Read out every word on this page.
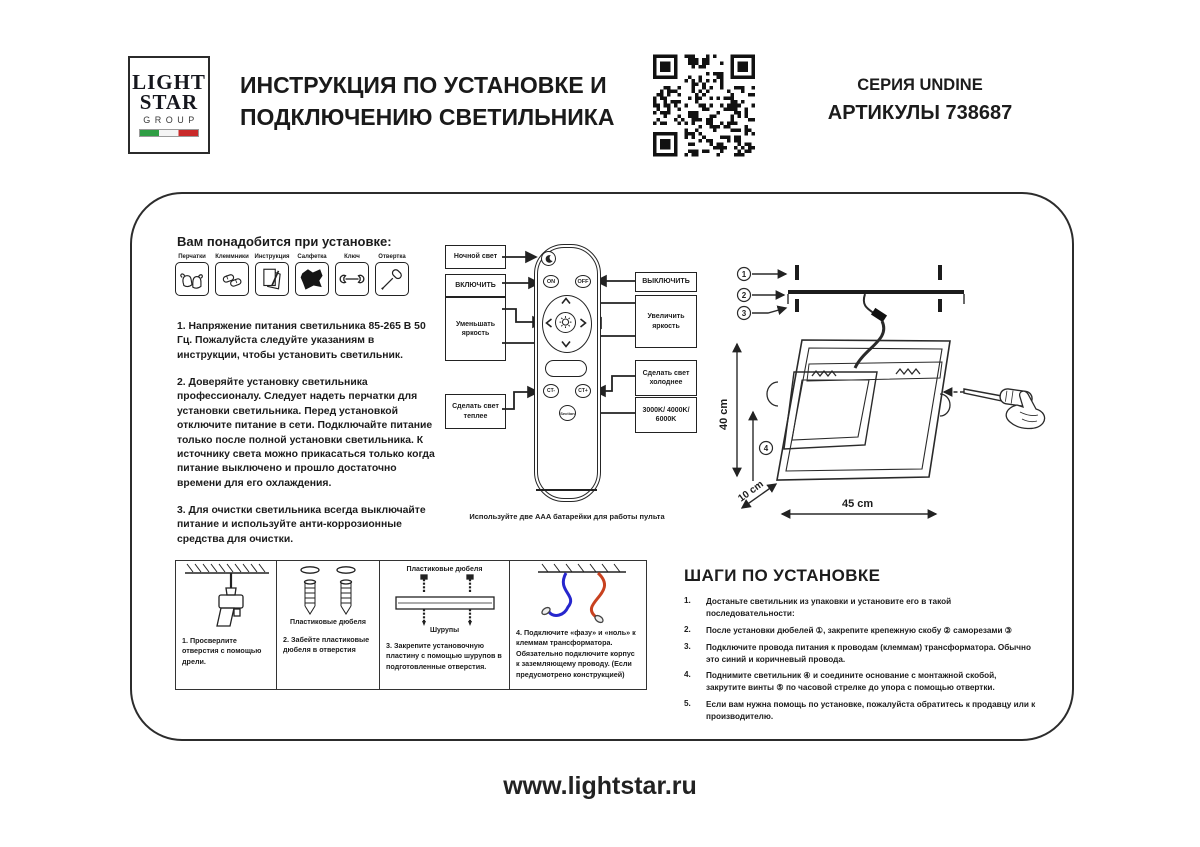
LIGHT
STAR
GROUP
ИНСТРУКЦИЯ ПО УСТАНОВКЕ И
ПОДКЛЮЧЕНИЮ СВЕТИЛЬНИКА
СЕРИЯ UNDINE
АРТИКУЛЫ 738687
Вам понадобится при установке:
Перчатки Клеммники Инструкция Салфетка	Ключ	Отвертка

1. Напряжение питания светильника 85-265 В 50 Гц. Пожалуйста следуйте указаниям в инструкции, чтобы установить светильник.

2. Доверяйте установку светильника профессионалу. Следует надеть перчатки для установки светильника. Перед установкой отключите питание в сети. Подключайте питание только после полной установки светильника. К источнику света можно прикасаться только когда питание выключено и прошло достаточно времени для его охлаждения.

3. Для очистки светильника всегда выключайте питание и используйте анти-коррозионные средства для очистки.

Ночной свет
ВКЛЮЧИТЬ
Уменьшать яркость
Сделать свет теплее
ВЫКЛЮЧИТЬ
Увеличить яркость
Сделать свет холоднее
3000K/ 4000K/ 6000K
ON	OFF
CT-	CT+
Section
Используйте две AAA батарейки для работы пульта
1
2
3
40 cm
4
10 cm	45 cm
1. Просверлите отверстия с помощью дрели.
Пластиковые дюбеля
2. Забейте пластиковые дюбеля в отверстия
Пластиковые дюбеля
Шурупы
3. Закрепите установочную пластину с помощью шурупов в подготовленные отверстия.
4. Подключите «фазу» и «ноль» к клеммам трансформатора. Обязательно подключите корпус к заземляющему проводу. (Если предусмотрено конструкцией)
ШАГИ ПО УСТАНОВКЕ
1.	Достаньте светильник из упаковки и установите его в такой последовательности:
2.	После установки дюбелей ①, закрепите крепежную скобу ② саморезами ③
3.	Подключите провода питания к проводам (клеммам) трансформатора. Обычно это синий и коричневый провода.
4.	Поднимите светильник ④ и соедините основание с монтажной скобой, закрутите винты ⑤ по часовой стрелке до упора с помощью отвертки.
5.	Если вам нужна помощь по установке, пожалуйста обратитесь к продавцу или к производителю.
www.lightstar.ru
